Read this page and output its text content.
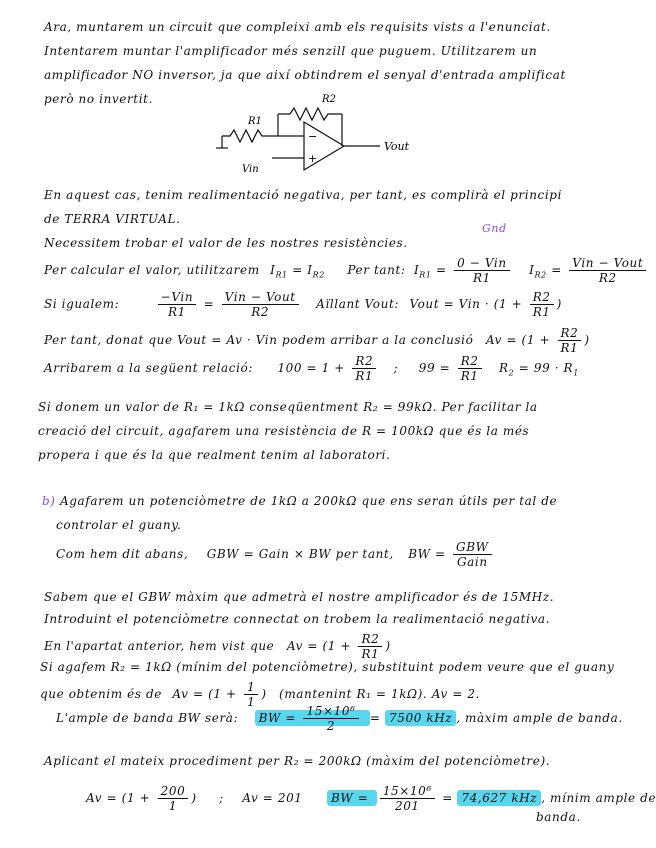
Ara, muntarem un circuit que compleixi amb els requisits vists a l'enunciat.
Intentarem muntar l'amplificador més senzill que puguem. Utilitzarem un
amplificador NO inversor, ja que així obtindrem el senyal d'entrada amplificat
però no invertit.
−
+
R1
R2
Vin
Vout
En aquest cas, tenim realimentació negativa, per tant, es complirà el principi
de TERRA VIRTUAL.
Necessitem trobar el valor de les nostres resistències.
Gnd
Per calcular el valor, utilitzarem $I_{R1} = I_{R2}$ Per tant: $I_{R1} = \frac{\text{0 − Vin}}{R1} I_{R2} = \frac{\text{Vin − Vout}}{R2}$
Si igualem:	$\frac{\text{−Vin}}{R1} = \frac{\text{Vin − Vout}}{R2}$ Aïllant Vout: Vout = Vin · ($1 + \frac{R2}{R1}$ )
Per tant, donat que Vout = Av · Vin podem arribar a la conclusió $Av = (1 + \frac{R2}{R1}$ )
Arribarem a la següent relació: $100 = 1 + \frac{R2}{R1}$ ; $99 = \frac{R2}{R1} R_2 = 99 \cdot R_1$
Si donem un valor de R₁ = 1kΩ conseqüentment R₂ = 99kΩ. Per facilitar la
creació del circuit, agafarem una resistència de R = 100kΩ que és la més
propera i que és la que realment tenim al laboratori.
b) Agafarem un potenciòmetre de 1kΩ a 200kΩ que ens seran útils per tal de
controlar el guany.
Com hem dit abans, GBW = Gain × BW per tant, BW = $\frac{\text{GBW}}{\text{Gain}}$
Sabem que el GBW màxim que admetrà el nostre amplificador és de 15MHz.
Introduint el potenciòmetre connectat on trobem la realimentació negativa.
En l'apartat anterior, hem vist que $Av = (1 + \frac{R2}{R1}$ )
Si agafem R₂ = 1kΩ (mínim del potenciòmetre), substituint podem veure que el guany
que obtenim és de $Av = (1 + \frac{1}{1}$ ) (mantenint R₁ = 1kΩ). Av = 2.
L'ample de banda BW serà: BW = $\frac{\text{15×10⁶}}{2} = 7500$ kHz , màxim ample de banda.
Aplicant el mateix procediment per R₂ = 200kΩ (màxim del potenciòmetre).
$Av = (1 + \frac{200}{1}$ ) ; Av = 201 BW = $\frac{\text{15×10⁶}}{201} = 74,627$ kHz , mínim ample de
banda.
